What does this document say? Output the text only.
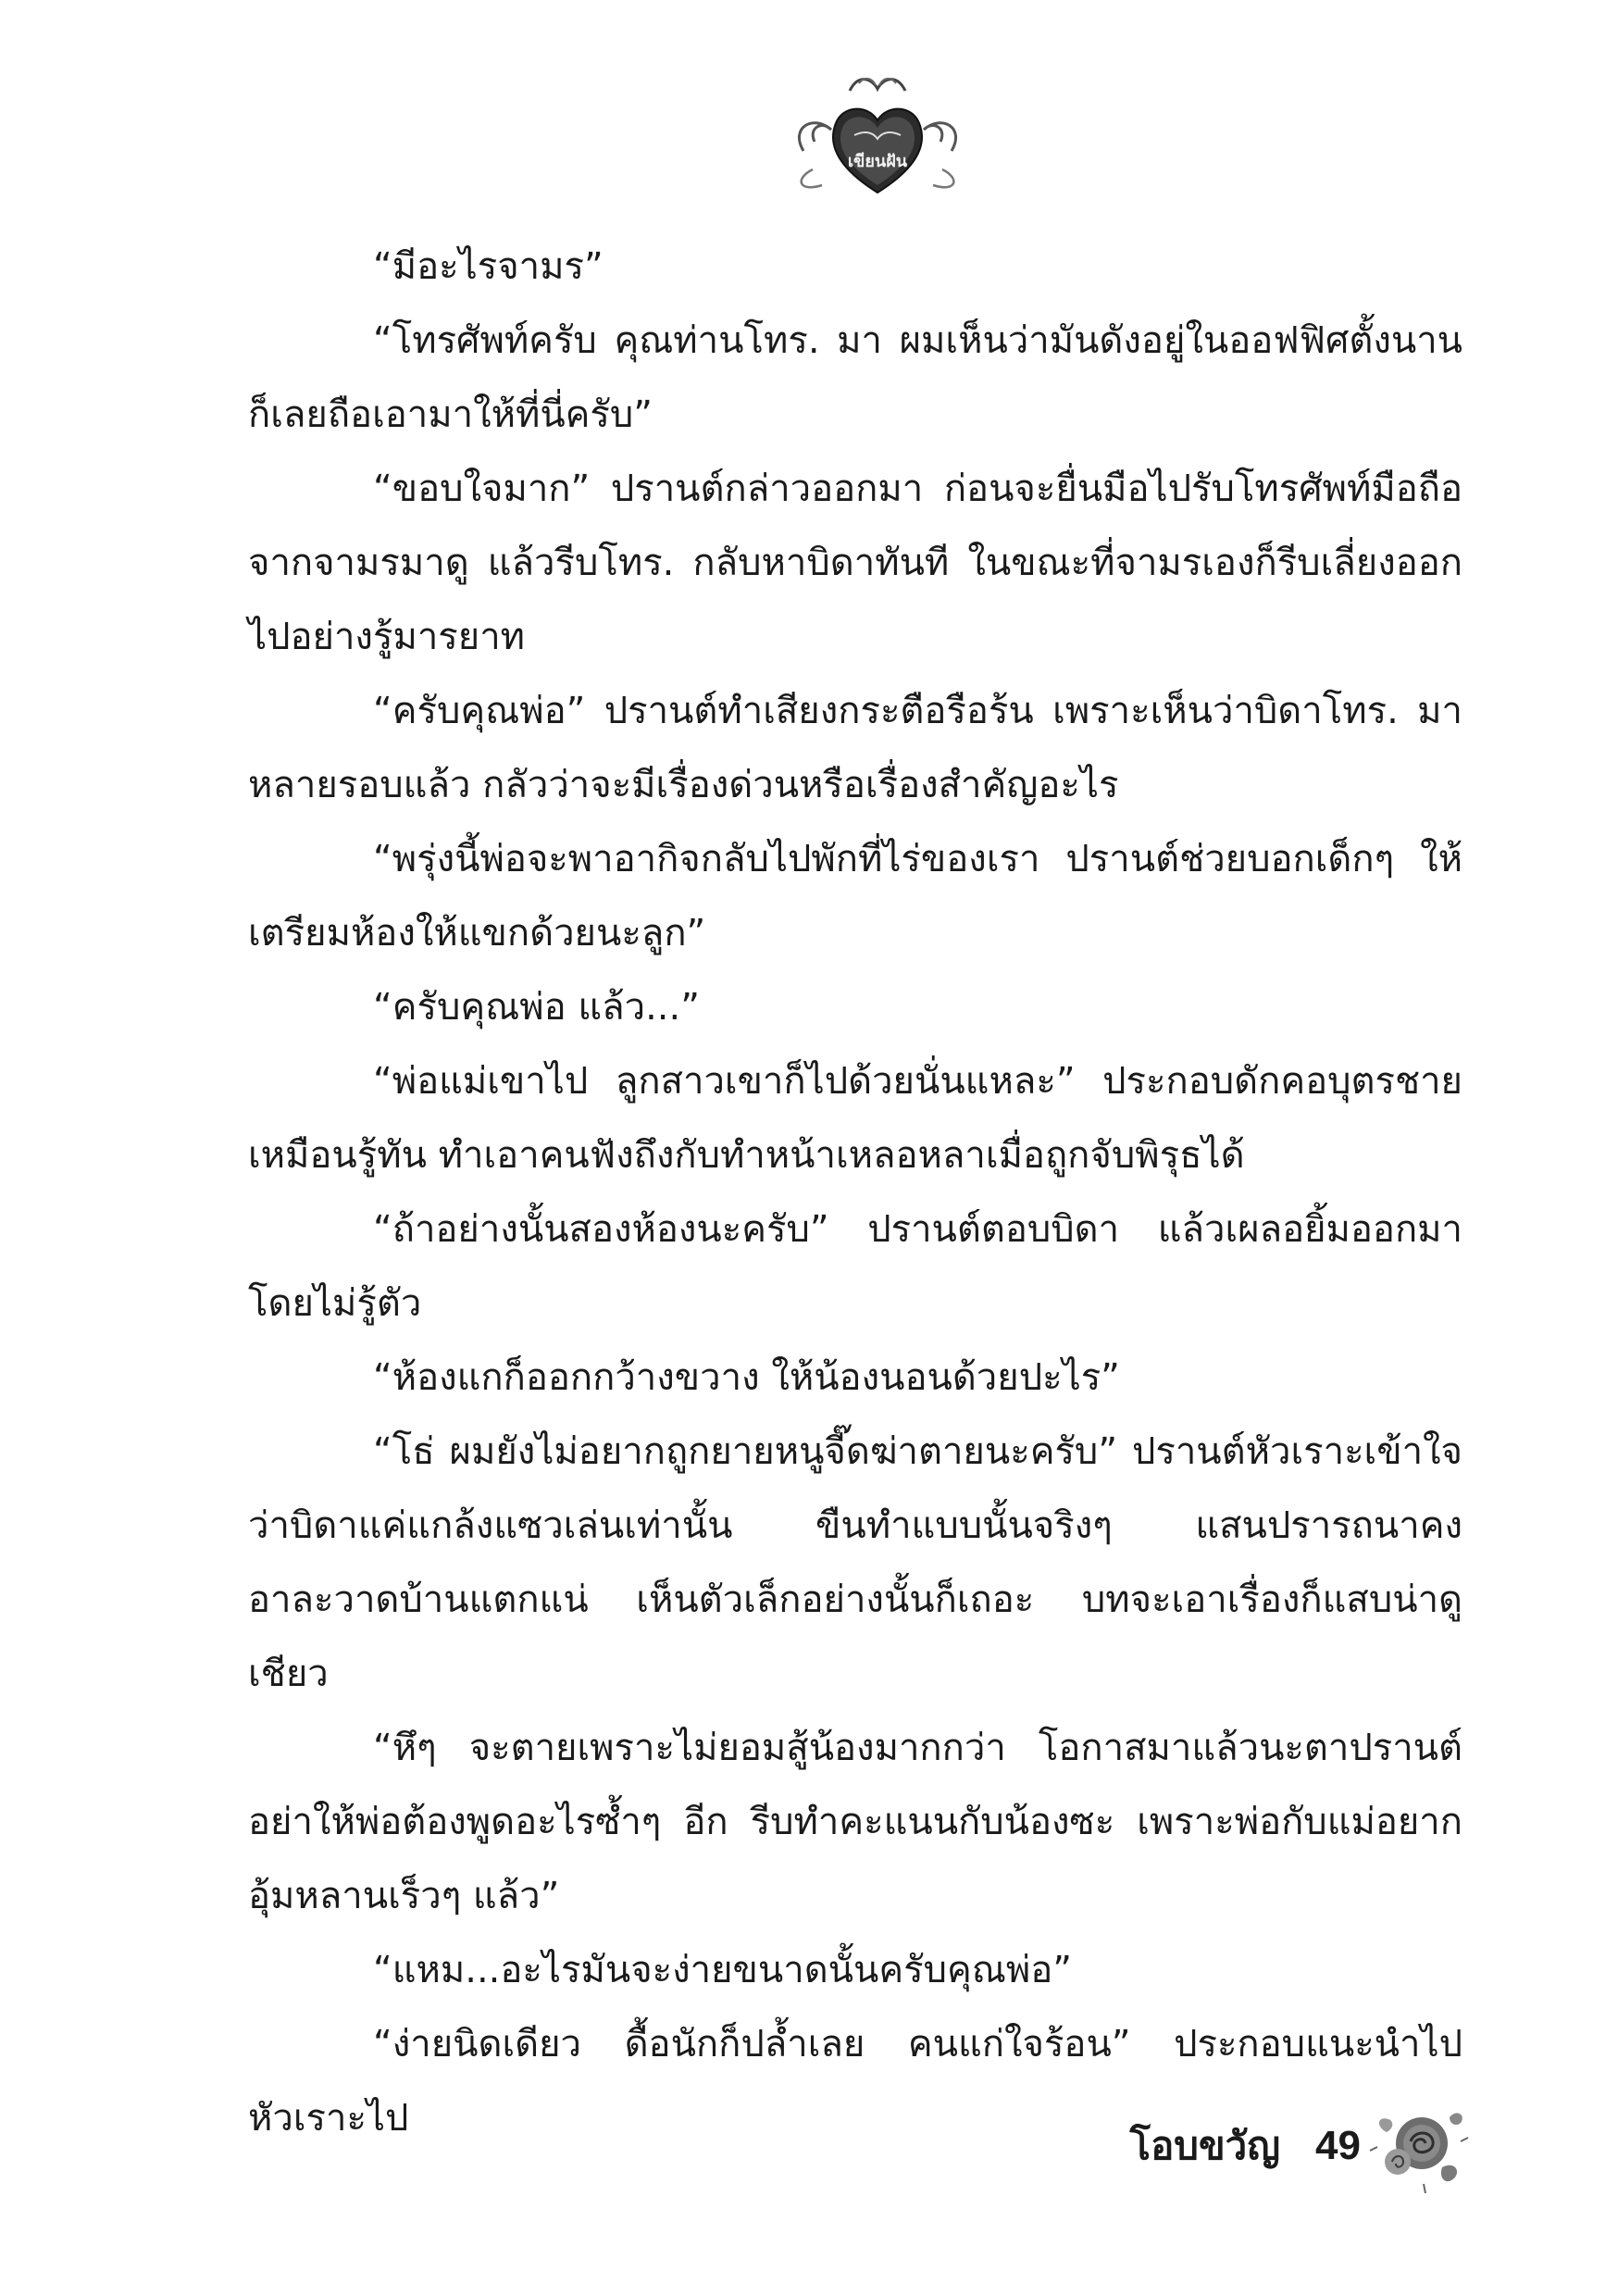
เขียนฝัน

“มีอะไรจามร”

“โทรศัพท์ครับ คุณท่านโทร. มา ผมเห็นว่ามันดังอยู่ในออฟฟิศตั้งนาน ก็เลยถือเอามาให้ที่นี่ครับ”

“ขอบใจมาก” ปรานต์กล่าวออกมา ก่อนจะยื่นมือไปรับโทรศัพท์มือถือจากจามรมาดู แล้วรีบโทร. กลับหาบิดาทันที ในขณะที่จามรเองก็รีบเลี่ยงออกไปอย่างรู้มารยาท

“ครับคุณพ่อ” ปรานต์ทำเสียงกระตือรือร้น เพราะเห็นว่าบิดาโทร. มาหลายรอบแล้ว กลัวว่าจะมีเรื่องด่วนหรือเรื่องสำคัญอะไร

“พรุ่งนี้พ่อจะพาอากิจกลับไปพักที่ไร่ของเรา ปรานต์ช่วยบอกเด็กๆ ให้เตรียมห้องให้แขกด้วยนะลูก”

“ครับคุณพ่อ แล้ว...”

“พ่อแม่เขาไป ลูกสาวเขาก็ไปด้วยนั่นแหละ” ประกอบดักคอบุตรชายเหมือนรู้ทัน ทำเอาคนฟังถึงกับทำหน้าเหลอหลาเมื่อถูกจับพิรุธได้

“ถ้าอย่างนั้นสองห้องนะครับ” ปรานต์ตอบบิดา แล้วเผลอยิ้มออกมาโดยไม่รู้ตัว

“ห้องแกก็ออกกว้างขวาง ให้น้องนอนด้วยปะไร”

“โธ่ ผมยังไม่อยากถูกยายหนูจี๊ดฆ่าตายนะครับ” ปรานต์หัวเราะเข้าใจว่าบิดาแค่แกล้งแซวเล่นเท่านั้น ขืนทำแบบนั้นจริงๆ แสนปรารถนาคงอาละวาดบ้านแตกแน่ เห็นตัวเล็กอย่างนั้นก็เถอะ บทจะเอาเรื่องก็แสบน่าดูเชียว

“หึๆ จะตายเพราะไม่ยอมสู้น้องมากกว่า โอกาสมาแล้วนะตาปรานต์ อย่าให้พ่อต้องพูดอะไรซ้ำๆ อีก รีบทำคะแนนกับน้องซะ เพราะพ่อกับแม่อยากอุ้มหลานเร็วๆ แล้ว”

“แหม...อะไรมันจะง่ายขนาดนั้นครับคุณพ่อ”

“ง่ายนิดเดียว ดื้อนักก็ปล้ำเลย คนแก่ใจร้อน” ประกอบแนะนำไปหัวเราะไป

โอบขวัญ 49
